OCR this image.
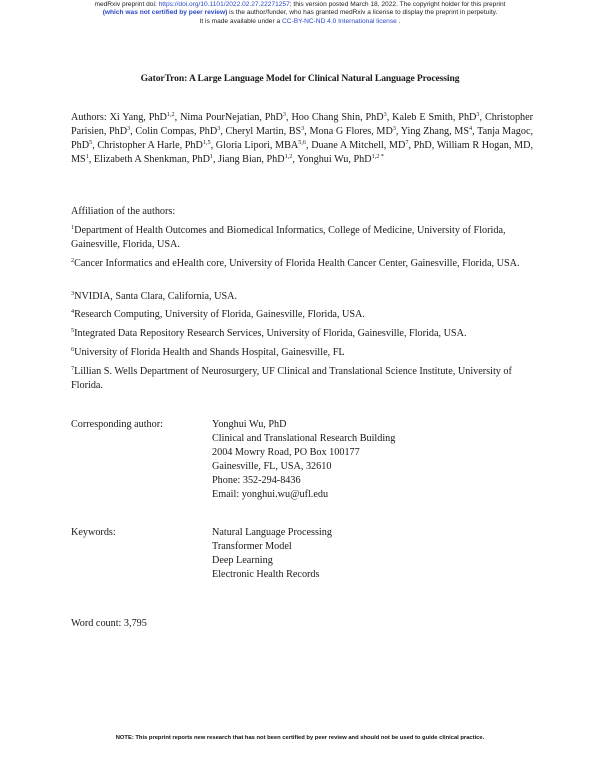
medRxiv preprint doi: https://doi.org/10.1101/2022.02.27.22271257; this version posted March 18, 2022. The copyright holder for this preprint
(which was not certified by peer review) is the author/funder, who has granted medRxiv a license to display the preprint in perpetuity.
It is made available under a CC-BY-NC-ND 4.0 International license .
GatorTron: A Large Language Model for Clinical Natural Language Processing
Authors: Xi Yang, PhD$^{1,2}$, Nima PourNejatian, PhD$^3$, Hoo Chang Shin, PhD$^3$, Kaleb E Smith, PhD$^3$, Christopher Parisien, PhD$^3$, Colin Compas, PhD$^3$, Cheryl Martin, $BS^3$, Mona G Flores, $MD^3$, Ying Zhang, $MS^4$, Tanja Magoc, PhD$^5$, Christopher A Harle, PhD$^{1,5}$, Gloria Lipori, MBA$^{5,6}$, Duane A Mitchell, $MD^7$, PhD, William R Hogan, MD, $MS^1$, Elizabeth A Shenkman, PhD$^1$, Jiang Bian, PhD$^{1,2}$, Yonghui Wu, PhD$^{1,2 *}$
Affiliation of the authors:
$^1$Department of Health Outcomes and Biomedical Informatics, College of Medicine, University of Florida, Gainesville, Florida, USA.
$^2$Cancer Informatics and eHealth core, University of Florida Health Cancer Center, Gainesville, Florida, USA.
$^3$NVIDIA, Santa Clara, California, USA.
$^4$Research Computing, University of Florida, Gainesville, Florida, USA.
$^5$Integrated Data Repository Research Services, University of Florida, Gainesville, Florida, USA.
$^6$University of Florida Health and Shands Hospital, Gainesville, FL
$^7$Lillian S. Wells Department of Neurosurgery, UF Clinical and Translational Science Institute, University of Florida.
Corresponding author:	Yonghui Wu, PhD
Clinical and Translational Research Building
2004 Mowry Road, PO Box 100177
Gainesville, FL, USA, 32610
Phone: 352-294-8436
Email: yonghui.wu@ufl.edu
Keywords:	Natural Language Processing
Transformer Model
Deep Learning
Electronic Health Records
Word count: 3,795
NOTE: This preprint reports new research that has not been certified by peer review and should not be used to guide clinical practice.
